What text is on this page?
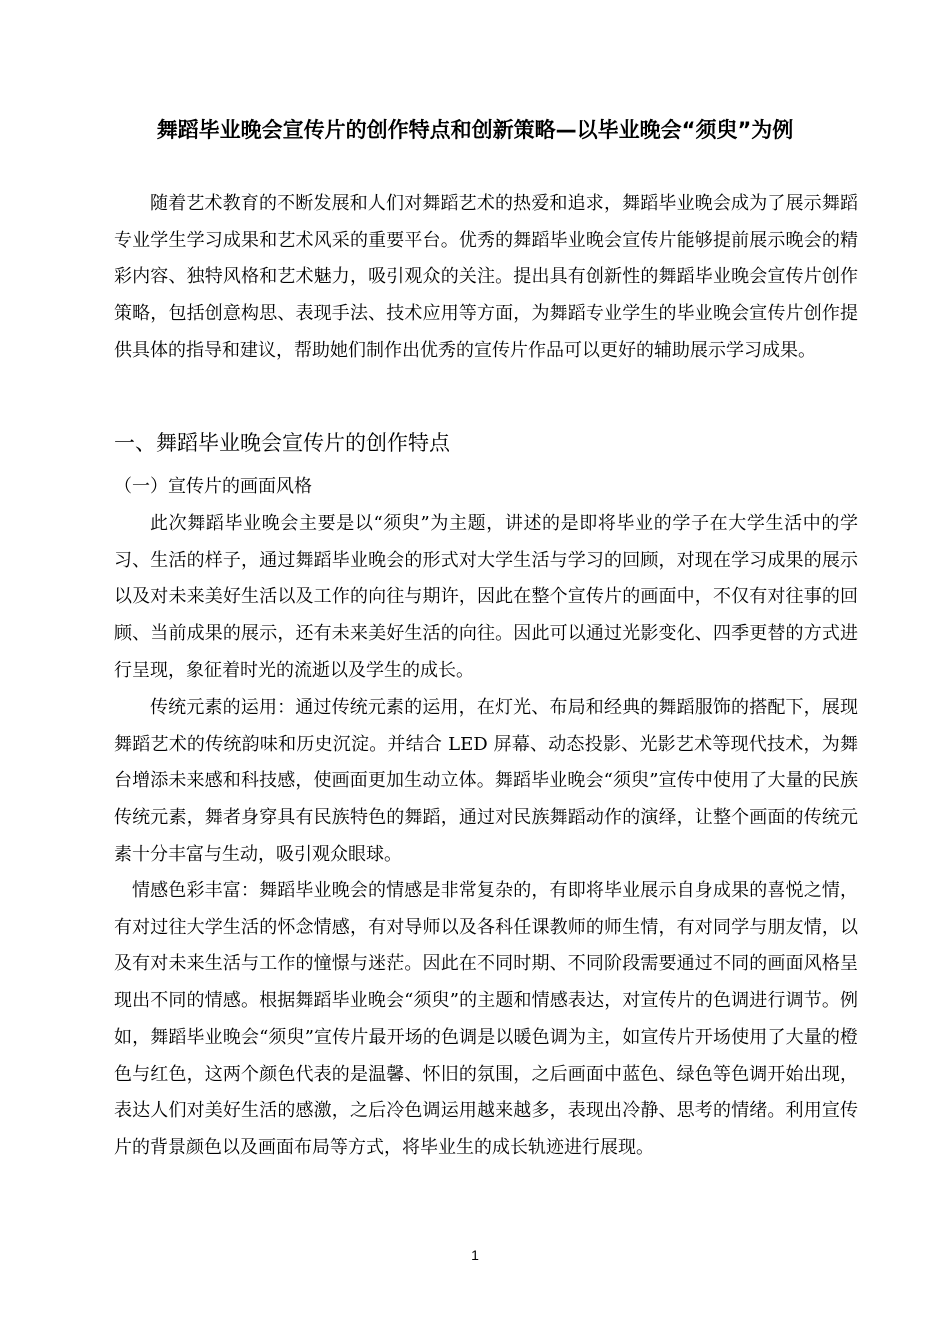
舞蹈毕业晚会宣传片的创作特点和创新策略—以毕业晚会“须臾”为例

随着艺术教育的不断发展和人们对舞蹈艺术的热爱和追求，舞蹈毕业晚会成为了展示舞蹈专业学生学习成果和艺术风采的重要平台。优秀的舞蹈毕业晚会宣传片能够提前展示晚会的精彩内容、独特风格和艺术魅力，吸引观众的关注。提出具有创新性的舞蹈毕业晚会宣传片创作策略，包括创意构思、表现手法、技术应用等方面，为舞蹈专业学生的毕业晚会宣传片创作提供具体的指导和建议，帮助她们制作出优秀的宣传片作品可以更好的辅助展示学习成果。

一、舞蹈毕业晚会宣传片的创作特点
（一）宣传片的画面风格

此次舞蹈毕业晚会主要是以“须臾”为主题，讲述的是即将毕业的学子在大学生活中的学习、生活的样子，通过舞蹈毕业晚会的形式对大学生活与学习的回顾，对现在学习成果的展示以及对未来美好生活以及工作的向往与期许，因此在整个宣传片的画面中，不仅有对往事的回顾、当前成果的展示，还有未来美好生活的向往。因此可以通过光影变化、四季更替的方式进行呈现，象征着时光的流逝以及学生的成长。

传统元素的运用：通过传统元素的运用，在灯光、布局和经典的舞蹈服饰的搭配下，展现舞蹈艺术的传统韵味和历史沉淀。并结合 LED 屏幕、动态投影、光影艺术等现代技术，为舞台增添未来感和科技感，使画面更加生动立体。舞蹈毕业晚会“须臾”宣传中使用了大量的民族传统元素，舞者身穿具有民族特色的舞蹈，通过对民族舞蹈动作的演绎，让整个画面的传统元素十分丰富与生动，吸引观众眼球。

情感色彩丰富：舞蹈毕业晚会的情感是非常复杂的，有即将毕业展示自身成果的喜悦之情，有对过往大学生活的怀念情感，有对导师以及各科任课教师的师生情，有对同学与朋友情，以及有对未来生活与工作的憧憬与迷茫。因此在不同时期、不同阶段需要通过不同的画面风格呈现出不同的情感。根据舞蹈毕业晚会“须臾”的主题和情感表达，对宣传片的色调进行调节。例如，舞蹈毕业晚会“须臾”宣传片最开场的色调是以暖色调为主，如宣传片开场使用了大量的橙色与红色，这两个颜色代表的是温馨、怀旧的氛围，之后画面中蓝色、绿色等色调开始出现，表达人们对美好生活的感激，之后冷色调运用越来越多，表现出冷静、思考的情绪。利用宣传片的背景颜色以及画面布局等方式，将毕业生的成长轨迹进行展现。

1
